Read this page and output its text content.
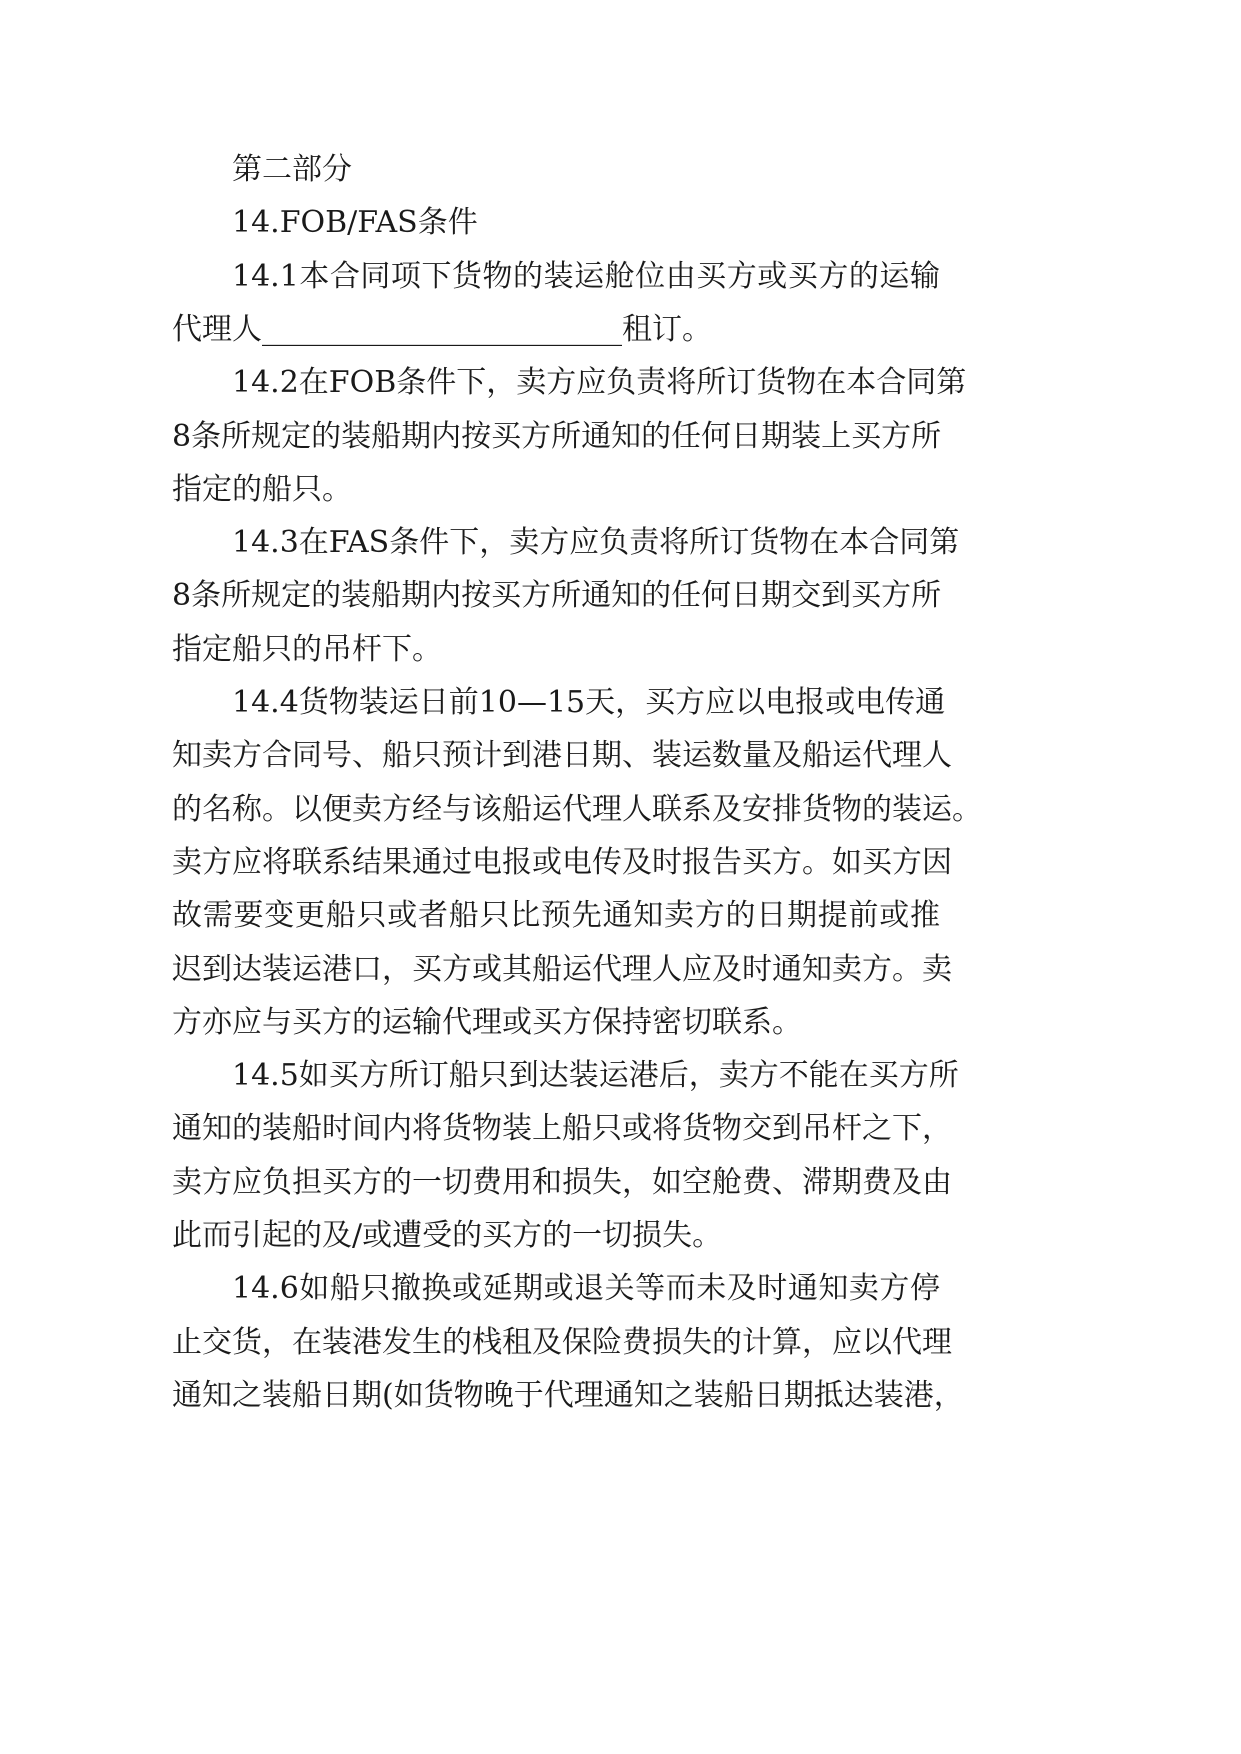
第二部分
14.FOB/FAS条件
14.1 本 合 同 项 下 货 物 的 装 运 舱 位 由 买 方 或 买 方 的 运 输
代理人________________________租订。
14.2 在 FOB 条 件 下 ， 卖 方 应 负 责 将 所 订 货 物 在 本 合 同 第
8 条 所 规 定 的 装 船 期 内 按 买 方 所 通 知 的 任 何 日 期 装 上 买 方 所
指定的船只。
14.3 在 FAS 条 件 下 ， 卖 方 应 负 责 将 所 订 货 物 在 本 合 同 第
8 条 所 规 定 的 装 船 期 内 按 买 方 所 通 知 的 任 何 日 期 交 到 买 方 所
指定船只的吊杆下。
14.4 货 物 装 运 日 前 10—15 天 ， 买 方 应 以 电 报 或 电 传 通
知 卖 方 合 同 号 、 船 只 预 计 到 港 日 期 、 装 运 数 量 及 船 运 代 理 人
的 名 称 。 以 便 卖 方 经 与 该 船 运 代 理 人 联 系 及 安 排 货 物 的 装 运 。
卖 方 应 将 联 系 结 果 通 过 电 报 或 电 传 及 时 报 告 买 方 。 如 买 方 因
故 需 要 变 更 船 只 或 者 船 只 比 预 先 通 知 卖 方 的 日 期 提 前 或 推
迟 到 达 装 运 港 口 ， 买 方 或 其 船 运 代 理 人 应 及 时 通 知 卖 方 。 卖
方亦应与买方的运输代理或买方保持密切联系。
14.5 如 买 方 所 订 船 只 到 达 装 运 港 后 ， 卖 方 不 能 在 买 方 所
通 知 的 装 船 时 间 内 将 货 物 装 上 船 只 或 将 货 物 交 到 吊 杆 之 下 ，
卖 方 应 负 担 买 方 的 一 切 费 用 和 损 失 ， 如 空 舱 费 、 滞 期 费 及 由
此而引起的及/或遭受的买方的一切损失。
14.6 如 船 只 撤 换 或 延 期 或 退 关 等 而 未 及 时 通 知 卖 方 停
止 交 货 ， 在 装 港 发 生 的 栈 租 及 保 险 费 损 失 的 计 算 ， 应 以 代 理
通 知 之 装 船 日 期 ( 如 货 物 晚 于 代 理 通 知 之 装 船 日 期 抵 达 装 港 ，
